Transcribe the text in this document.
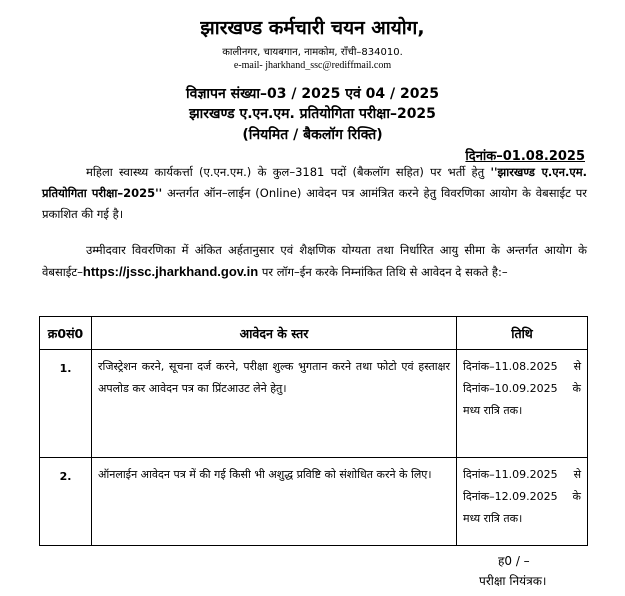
झारखण्ड कर्मचारी चयन आयोग,
कालीनगर, चायबगान, नामकोम, राँची–834010.
e-mail- jharkhand_ssc@rediffmail.com
विज्ञापन संख्या–03 / 2025 एवं 04 / 2025
झारखण्ड ए.एन.एम. प्रतियोगिता परीक्षा–2025
(नियमित / बैकलॉग रिक्ति)
दिनांक–01.08.2025
महिला स्वास्थ्य कार्यकर्त्ता (ए.एन.एम.) के कुल–3181 पदों (बैकलॉग सहित) पर भर्ती हेतु ''झारखण्ड ए.एन.एम. प्रतियोगिता परीक्षा–2025'' अन्तर्गत ऑन–लाईन (Online) आवेदन पत्र आमंत्रित करने हेतु विवरणिका आयोग के वेबसाईट पर प्रकाशित की गई है।
उम्मीदवार विवरणिका में अंकित अर्हतानुसार एवं शैक्षणिक योग्यता तथा निर्धारित आयु सीमा के अन्तर्गत आयोग के वेबसाईट–https://jssc.jharkhand.gov.in पर लॉग–ईन करके निम्नांकित तिथि से आवेदन दे सकते है:–
क्र0सं0	आवेदन के स्तर	तिथि
1.	रजिस्ट्रेशन करने, सूचना दर्ज करने, परीक्षा शुल्क भुगतान करने तथा फोटो एवं हस्ताक्षर अपलोड कर आवेदन पत्र का प्रिंटआउट लेने हेतु।	दिनांक–11.08.2025 से
दिनांक–10.09.2025 के
मध्य रात्रि तक।

2.	ऑनलाईन आवेदन पत्र में की गई किसी भी अशुद्ध प्रविष्टि को संशोधित करने के लिए।	दिनांक–11.09.2025 से
दिनांक–12.09.2025 के
मध्य रात्रि तक।
ह0 / –
परीक्षा नियंत्रक।
